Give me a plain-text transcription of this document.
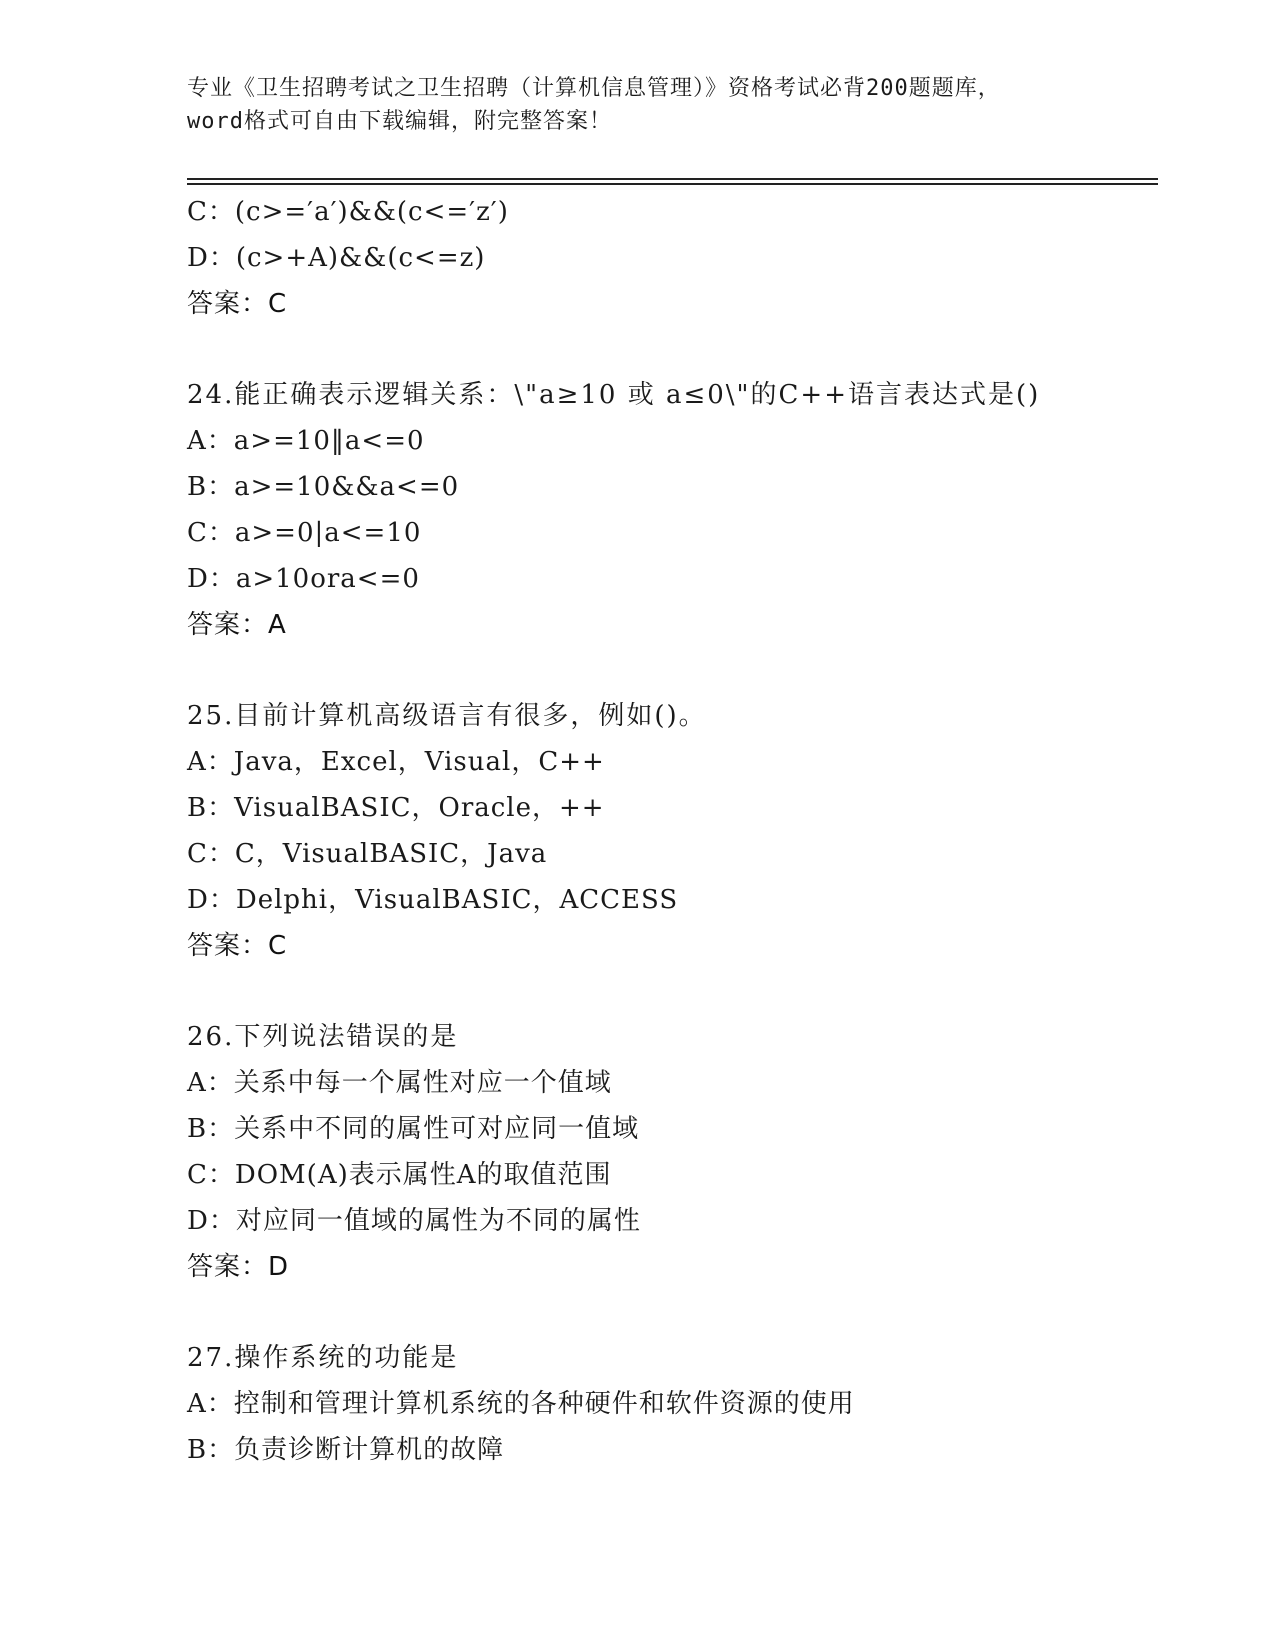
专业《卫生招聘考试之卫生招聘（计算机信息管理）》资格考试必背200题题库，
word格式可自由下载编辑，附完整答案！
C：(c>=′a′)&&(c<=′z′)
D：(c>+A)&&(c<=z)
答案：C
24.能正确表示逻辑关系：\"a≥10 或 a≤0\"的C++语言表达式是()
A：a>=10‖a<=0
B：a>=10&&a<=0
C：a>=0|a<=10
D：a>10ora<=0
答案：A
25.目前计算机高级语言有很多，例如()。
A：Java，Excel，Visual，C++
B：VisualBASIC，Oracle，++
C：C，VisualBASIC，Java
D：Delphi，VisualBASIC，ACCESS
答案：C
26.下列说法错误的是
A：关系中每一个属性对应一个值域
B：关系中不同的属性可对应同一值域
C：DOM(A)表示属性A的取值范围
D：对应同一值域的属性为不同的属性
答案：D
27.操作系统的功能是
A：控制和管理计算机系统的各种硬件和软件资源的使用
B：负责诊断计算机的故障
